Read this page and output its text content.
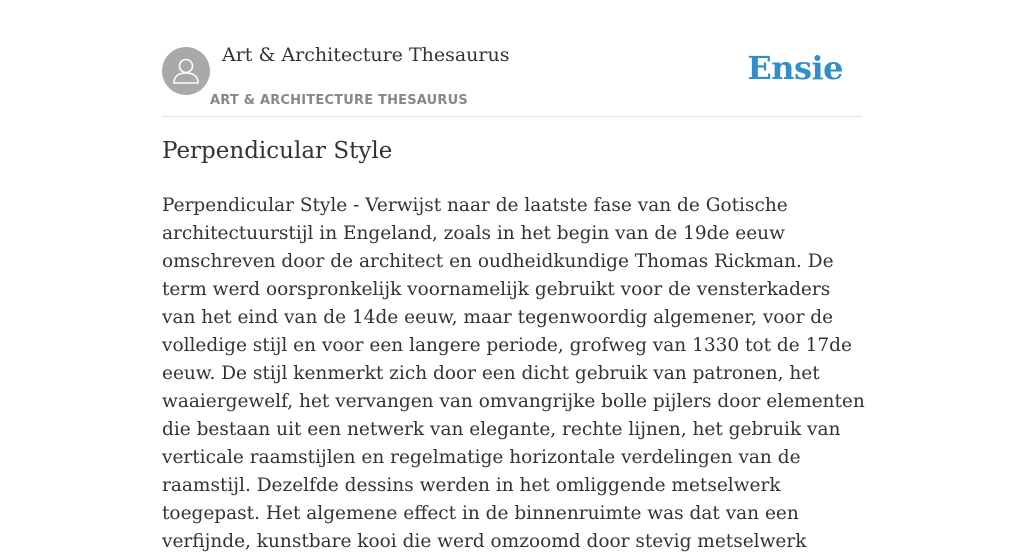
Art & Architecture Thesaurus
ART & ARCHITECTURE THESAURUS
Ensie
Perpendicular Style

Perpendicular Style - Verwijst naar de laatste fase van de Gotische architectuurstijl in Engeland, zoals in het begin van de 19de eeuw omschreven door de architect en oudheidkundige Thomas Rickman. De term werd oorspronkelijk voornamelijk gebruikt voor de vensterkaders van het eind van de 14de eeuw, maar tegenwoordig algemener, voor de volledige stijl en voor een langere periode, grofweg van 1330 tot de 17de eeuw. De stijl kenmerkt zich door een dicht gebruik van patronen, het waaiergewelf, het vervangen van omvangrijke bolle pijlers door elementen die bestaan uit een netwerk van elegante, rechte lijnen, het gebruik van verticale raamstijlen en regelmatige horizontale verdelingen van de raamstijl. Dezelfde dessins werden in het omliggende metselwerk toegepast. Het algemene effect in de binnenruimte was dat van een verfijnde, kunstbare kooi die werd omzoomd door stevig metselwerk
